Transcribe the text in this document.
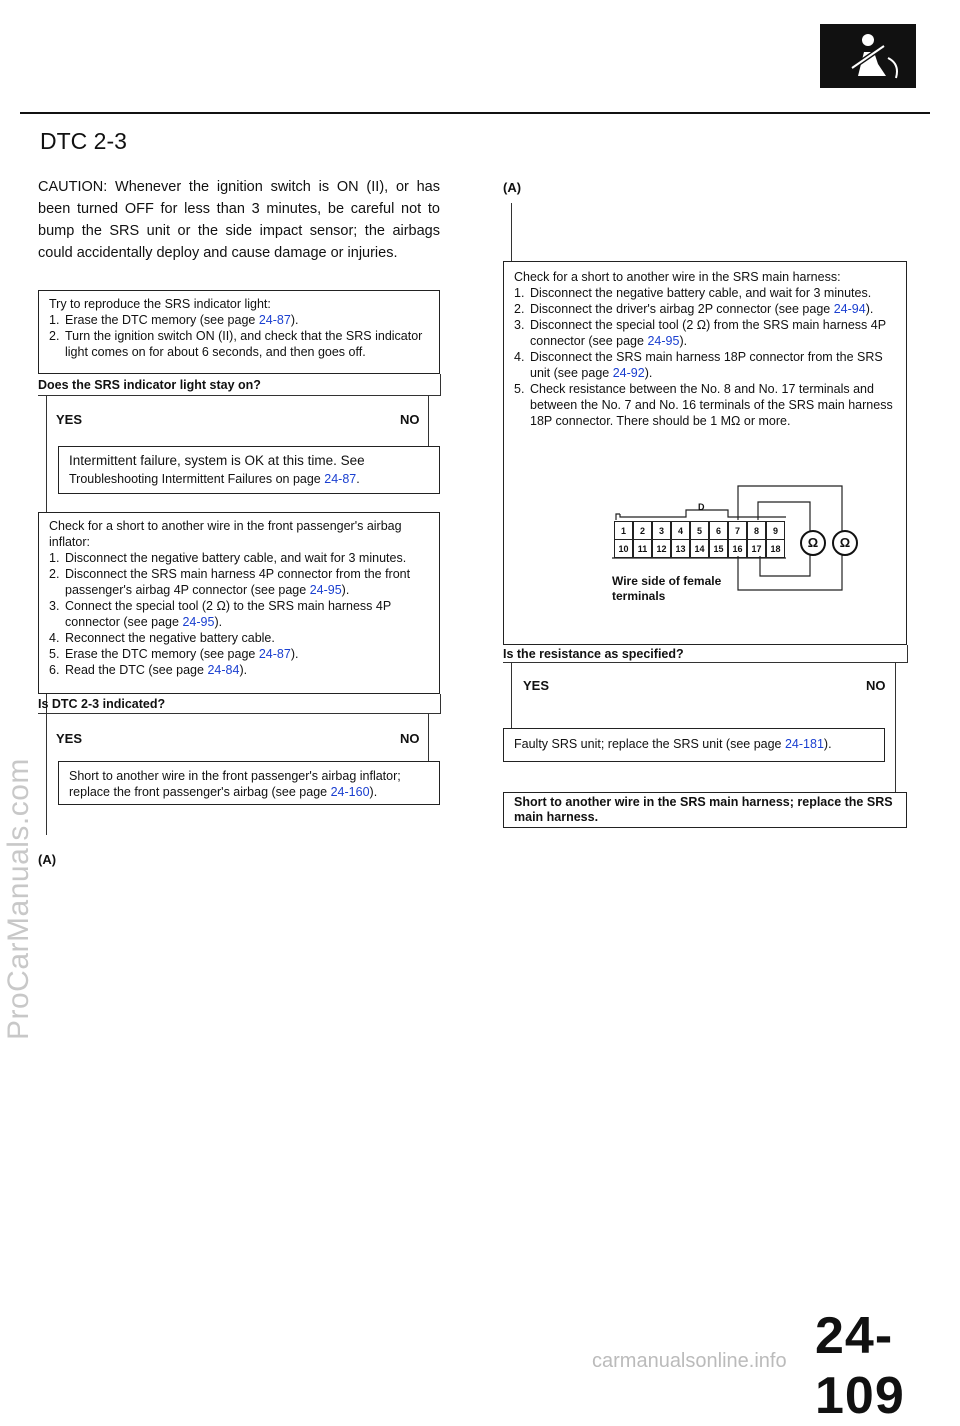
DTC 2-3
CAUTION: Whenever the ignition switch is ON (II), or has been turned OFF for less than 3 minutes, be careful not to bump the SRS unit or the side impact sensor; the airbags could accidentally deploy and cause damage or injuries.
Try to reproduce the SRS indicator light:
1. Erase the DTC memory (see page 24-87).
2. Turn the ignition switch ON (II), and check that the SRS indicator light comes on for about 6 seconds, and then goes off.
Does the SRS indicator light stay on?
YES	NO
Intermittent failure, system is OK at this time. See
Troubleshooting Intermittent Failures on page 24-87.
Check for a short to another wire in the front passenger's airbag inflator:
1. Disconnect the negative battery cable, and wait for 3 minutes.
2. Disconnect the SRS main harness 4P connector from the front passenger's airbag 4P connector (see page 24-95).
3. Connect the special tool (2 Ω) to the SRS main harness 4P connector (see page 24-95).
4. Reconnect the negative battery cable.
5. Erase the DTC memory (see page 24-87).
6. Read the DTC (see page 24-84).
Is DTC 2-3 indicated?
YES	NO
Short to another wire in the front passenger's airbag inflator; replace the front passenger's airbag (see page 24-160).
(A)
(A)
Check for a short to another wire in the SRS main harness:
1. Disconnect the negative battery cable, and wait for 3 minutes.
2. Disconnect the driver's airbag 2P connector (see page 24-94).
3. Disconnect the special tool (2 Ω) from the SRS main harness 4P connector (see page 24-95).
4. Disconnect the SRS main harness 18P connector from the SRS unit (see page 24-92).
5. Check resistance between the No. 8 and No. 17 terminals and between the No. 7 and No. 16 terminals of the SRS main harness 18P connector. There should be 1 MΩ or more.
D
1	2	3	4	5	6	7	8	9
10	11	12 13 14 15 16 17 18	Ω	Ω
Wire side of female
terminals
Is the resistance as specified?
YES	NO
Faulty SRS unit; replace the SRS unit (see page 24-181).
Short to another wire in the SRS main harness; replace the SRS main harness.
24-109
ProCarManuals.com
carmanualsonline.info
